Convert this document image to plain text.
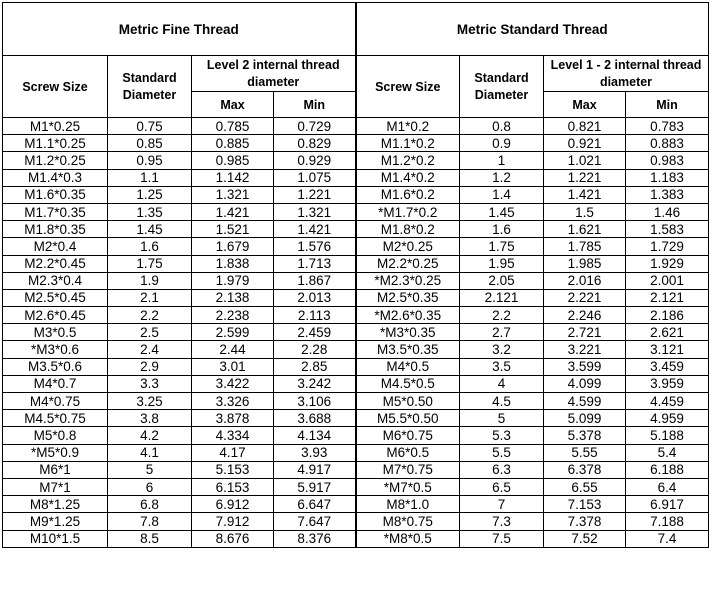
Metric Fine Thread				Metric Standard Thread			
Screw Size	Standard Diameter	Level 2 internal thread diameter		Screw Size	Standard Diameter	Level 1 - 2 internal thread diameter	
		Max	Min			Max	Min
M1*0.25	0.75	0.785	0.729	M1*0.2	0.8	0.821	0.783
M1.1*0.25	0.85	0.885	0.829	M1.1*0.2	0.9	0.921	0.883
M1.2*0.25	0.95	0.985	0.929	M1.2*0.2	1	1.021	0.983
M1.4*0.3	1.1	1.142	1.075	M1.4*0.2	1.2	1.221	1.183
M1.6*0.35	1.25	1.321	1.221	M1.6*0.2	1.4	1.421	1.383
M1.7*0.35	1.35	1.421	1.321	*M1.7*0.2	1.45	1.5	1.46
M1.8*0.35	1.45	1.521	1.421	M1.8*0.2	1.6	1.621	1.583
M2*0.4	1.6	1.679	1.576	M2*0.25	1.75	1.785	1.729
M2.2*0.45	1.75	1.838	1.713	M2.2*0.25	1.95	1.985	1.929
M2.3*0.4	1.9	1.979	1.867	*M2.3*0.25	2.05	2.016	2.001
M2.5*0.45	2.1	2.138	2.013	M2.5*0.35	2.121	2.221	2.121
M2.6*0.45	2.2	2.238	2.113	*M2.6*0.35	2.2	2.246	2.186
M3*0.5	2.5	2.599	2.459	*M3*0.35	2.7	2.721	2.621
*M3*0.6	2.4	2.44	2.28	M3.5*0.35	3.2	3.221	3.121
M3.5*0.6	2.9	3.01	2.85	M4*0.5	3.5	3.599	3.459
M4*0.7	3.3	3.422	3.242	M4.5*0.5	4	4.099	3.959
M4*0.75	3.25	3.326	3.106	M5*0.50	4.5	4.599	4.459
M4.5*0.75	3.8	3.878	3.688	M5.5*0.50	5	5.099	4.959
M5*0.8	4.2	4.334	4.134	M6*0.75	5.3	5.378	5.188
*M5*0.9	4.1	4.17	3.93	M6*0.5	5.5	5.55	5.4
M6*1	5	5.153	4.917	M7*0.75	6.3	6.378	6.188
M7*1	6	6.153	5.917	*M7*0.5	6.5	6.55	6.4
M8*1.25	6.8	6.912	6.647	M8*1.0	7	7.153	6.917
M9*1.25	7.8	7.912	7.647	M8*0.75	7.3	7.378	7.188
M10*1.5	8.5	8.676	8.376	*M8*0.5	7.5	7.52	7.4
